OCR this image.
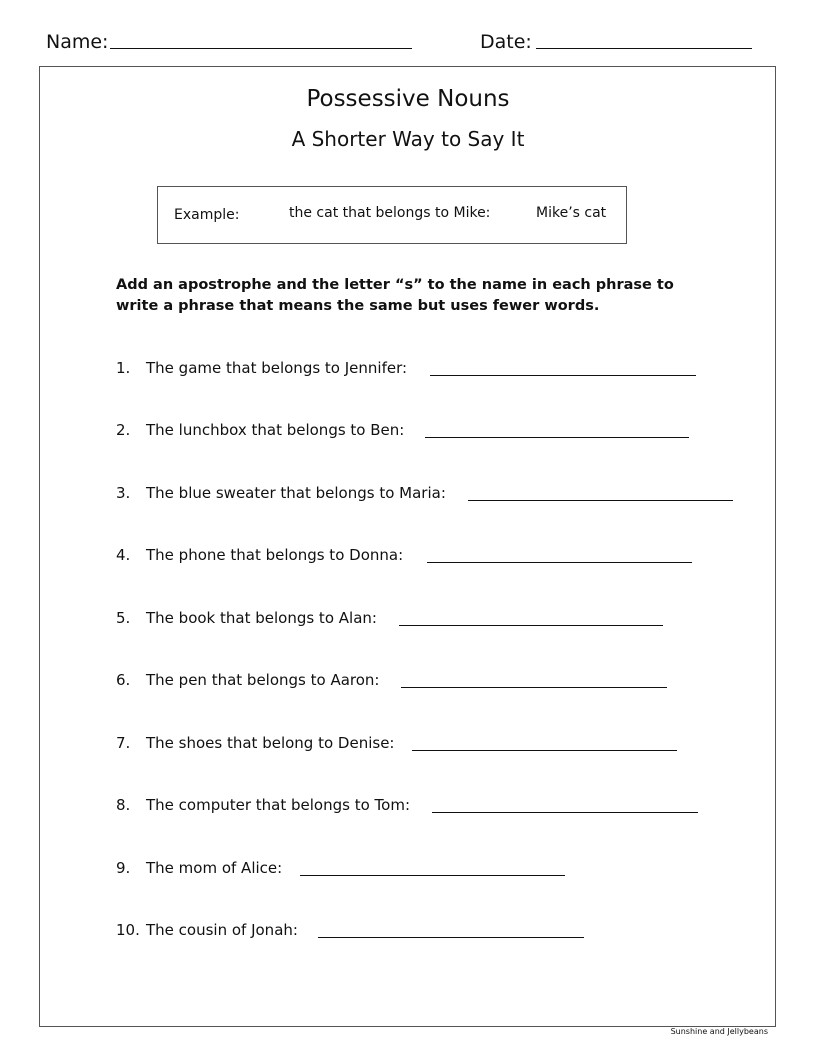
Name:	Date:
Possessive Nouns
A Shorter Way to Say It
Example:	the cat that belongs to Mike:	Mike’s cat
Add an apostrophe and the letter “s” to the name in each phrase to write a phrase that means the same but uses fewer words.
1. The game that belongs to Jennifer:
2. The lunchbox that belongs to Ben:
3. The blue sweater that belongs to Maria:
4. The phone that belongs to Donna:
5. The book that belongs to Alan:
6. The pen that belongs to Aaron:
7. The shoes that belong to Denise:
8. The computer that belongs to Tom:
9. The mom of Alice:
10. The cousin of Jonah:
Sunshine and Jellybeans
